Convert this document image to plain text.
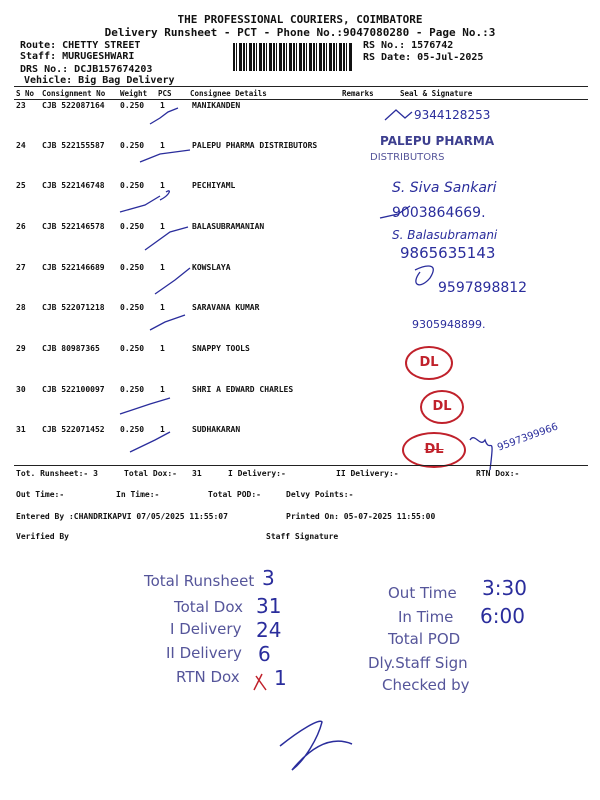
THE PROFESSIONAL COURIERS, COIMBATORE
Delivery Runsheet - PCT - Phone No.:9047080280 - Page No.:3
Route: CHETTY STREET
Staff: MURUGESHWARI
DRS No.: DCJB157674203
Vehicle: Big Bag Delivery
RS No.: 1576742
RS Date: 05-Jul-2025
S No Consignment No Weight PCS Consignee Details	Remarks	Seal & Signature
23 CJB 522087164 0.250 1	MANIKANDEN
24 CJB 522155587 0.250 1	PALEPU PHARMA DISTRIBUTORS
25 CJB 522146748 0.250 1	PECHIYAML
26 CJB 522146578 0.250 1	BALASUBRAMANIAN
27 CJB 522146689 0.250 1	KOWSLAYA
28 CJB 522071218 0.250 1	SARAVANA KUMAR
29 CJB 80987365	0.250 1	SNAPPY TOOLS
30 CJB 522100097 0.250 1	SHRI A EDWARD CHARLES
31 CJB 522071452 0.250 1	SUDHAKARAN
9344128253
PALEPU PHARMA
DISTRIBUTORS
S. Siva Sankari
9003864669.
S. Balasubramani
9865635143
9597898812
9305948899.
DL
DL
DL	9597399966
Tot. Runsheet:- 3	Total Dox:- 31	I Delivery:-	II Delivery:-	RTN Dox:-
Out Time:-	In Time:-	Total POD:-	Delvy Points:-
Entered By :CHANDRIKAPVI 07/05/2025 11:55:07	Printed On: 05-07-2025 11:55:00
Verified By	Staff Signature
Total Runsheet 3
Total Dox 31
I Delivery 24
II Delivery 6
RTN Dox 1
Out Time 3:30
In Time 6:00
Total POD
Dly.Staff Sign
Checked by
